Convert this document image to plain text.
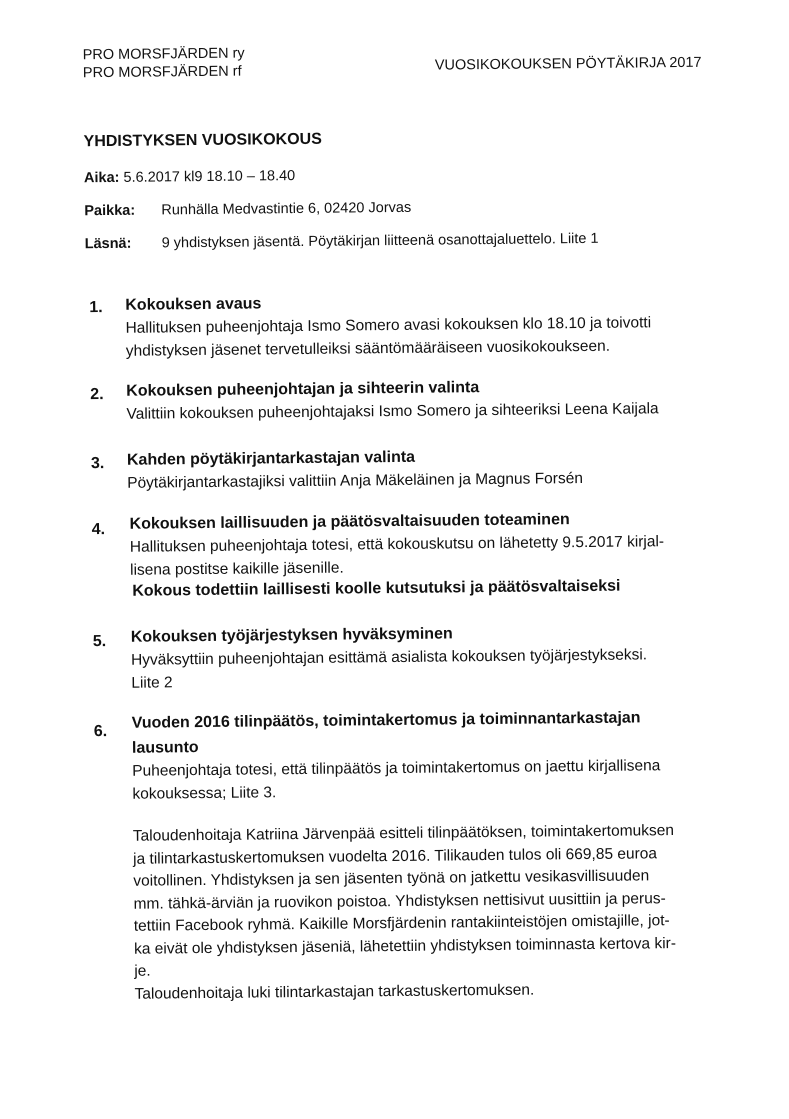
PRO MORSFJÄRDEN ry
PRO MORSFJÄRDEN rf	VUOSIKOKOUKSEN PÖYTÄKIRJA 2017
YHDISTYKSEN VUOSIKOKOUS
Aika: 5.6.2017 kl9 18.10 – 18.40
Paikka: Runhälla Medvastintie 6, 02420 Jorvas
Läsnä: 9 yhdistyksen jäsentä. Pöytäkirjan liitteenä osanottajaluettelo. Liite 1
1. Kokouksen avaus
Hallituksen puheenjohtaja Ismo Somero avasi kokouksen klo 18.10 ja toivotti
yhdistyksen jäsenet tervetulleiksi sääntömääräiseen vuosikokoukseen.
2. Kokouksen puheenjohtajan ja sihteerin valinta
Valittiin kokouksen puheenjohtajaksi Ismo Somero ja sihteeriksi Leena Kaijala
3. Kahden pöytäkirjantarkastajan valinta
Pöytäkirjantarkastajiksi valittiin Anja Mäkeläinen ja Magnus Forsén
4. Kokouksen laillisuuden ja päätösvaltaisuuden toteaminen
Hallituksen puheenjohtaja totesi, että kokouskutsu on lähetetty 9.5.2017 kirjal-
lisena postitse kaikille jäsenille.
Kokous todettiin laillisesti koolle kutsutuksi ja päätösvaltaiseksi
5. Kokouksen työjärjestyksen hyväksyminen
Hyväksyttiin puheenjohtajan esittämä asialista kokouksen työjärjestykseksi.
Liite 2
6. Vuoden 2016 tilinpäätös, toimintakertomus ja toiminnantarkastajan
lausunto
Puheenjohtaja totesi, että tilinpäätös ja toimintakertomus on jaettu kirjallisena
kokouksessa; Liite 3.
Taloudenhoitaja Katriina Järvenpää esitteli tilinpäätöksen, toimintakertomuksen
ja tilintarkastuskertomuksen vuodelta 2016. Tilikauden tulos oli 669,85 euroa
voitollinen. Yhdistyksen ja sen jäsenten työnä on jatkettu vesikasvillisuuden
mm. tähkä-ärviän ja ruovikon poistoa. Yhdistyksen nettisivut uusittiin ja perus-
tettiin Facebook ryhmä. Kaikille Morsfjärdenin rantakiinteistöjen omistajille, jot-
ka eivät ole yhdistyksen jäseniä, lähetettiin yhdistyksen toiminnasta kertova kir-
je.
Taloudenhoitaja luki tilintarkastajan tarkastuskertomuksen.
